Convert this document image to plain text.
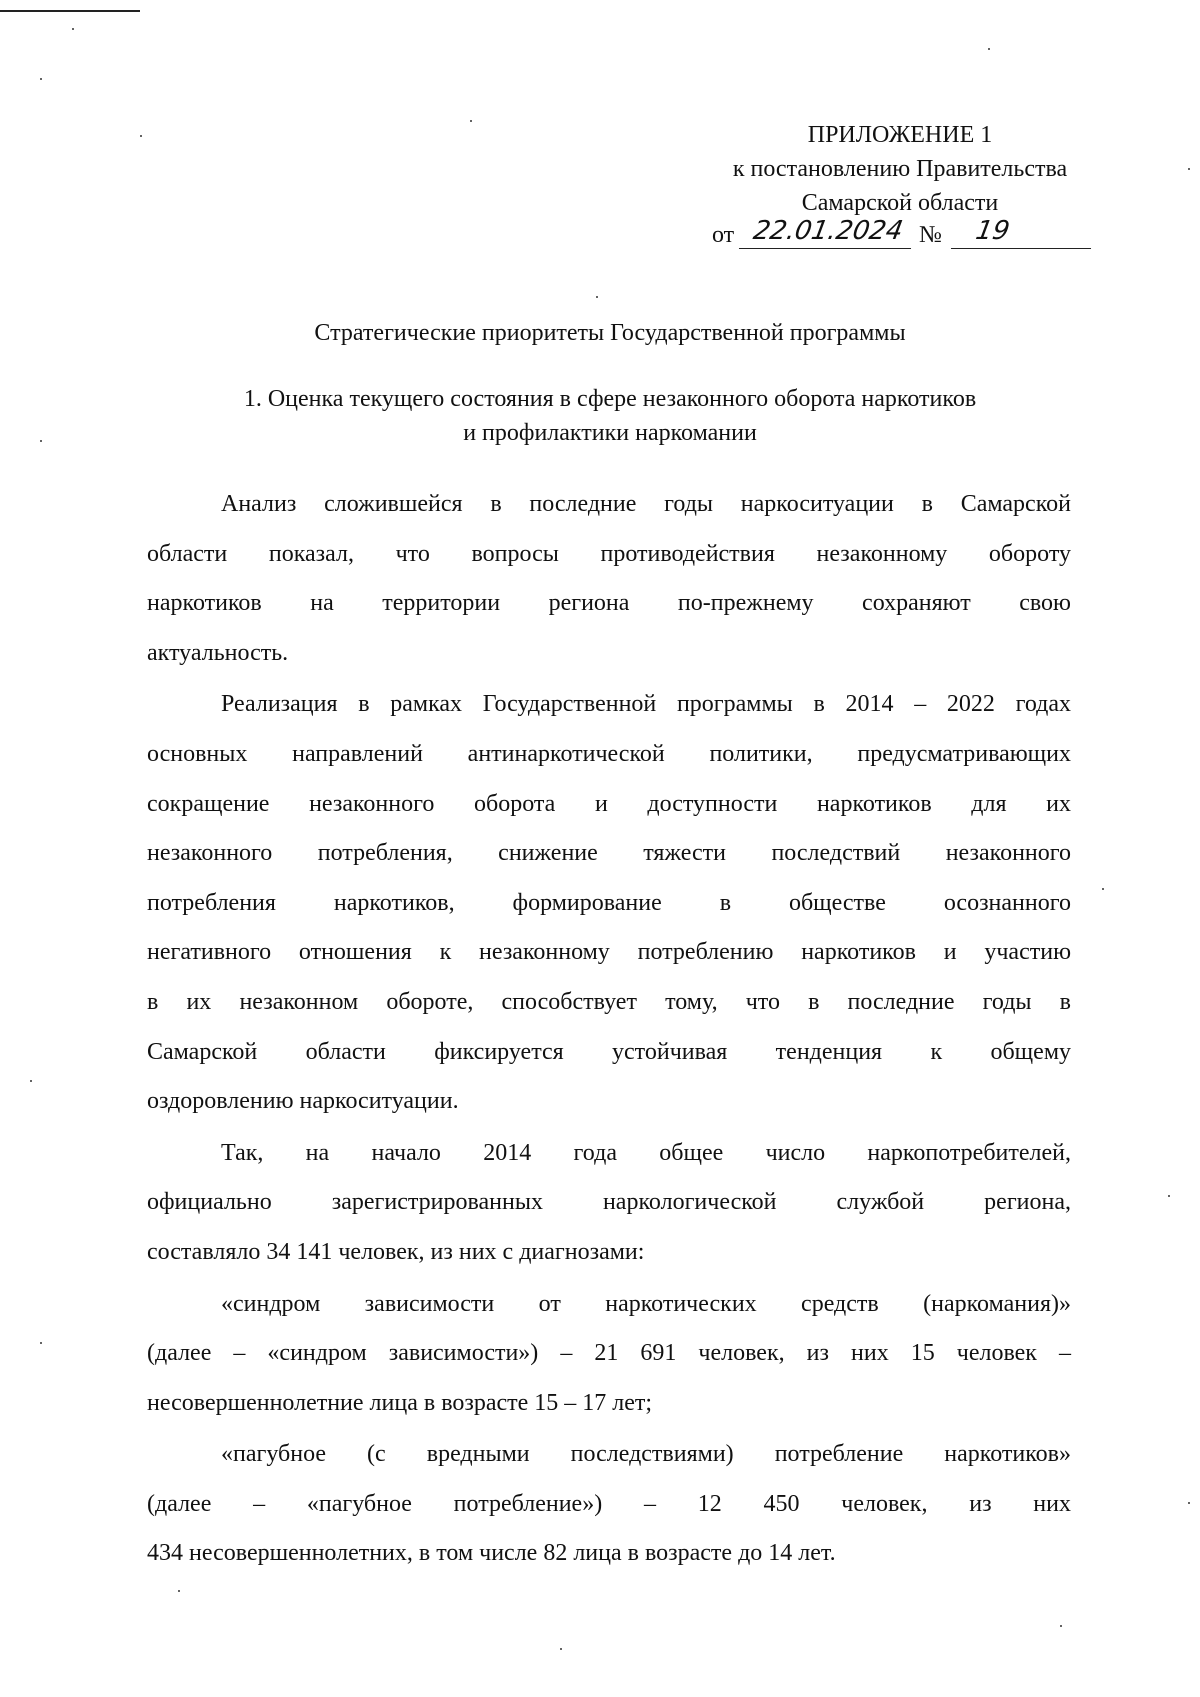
ПРИЛОЖЕНИЕ 1
к постановлению Правительства
Самарской области
от 22.01.2024 №	19
Стратегические приоритеты Государственной программы
1. Оценка текущего состояния в сфере незаконного оборота наркотиков
и профилактики наркомании
Анализ сложившейся в последние годы наркоситуации в Самарской
области показал, что вопросы противодействия незаконному обороту
наркотиков на территории региона по-прежнему сохраняют свою
актуальность.
Реализация в рамках Государственной программы в 2014 – 2022 годах
основных направлений антинаркотической политики, предусматривающих
сокращение незаконного оборота и доступности наркотиков для их
незаконного потребления, снижение тяжести последствий незаконного
потребления наркотиков, формирование в обществе осознанного
негативного отношения к незаконному потреблению наркотиков и участию
в их незаконном обороте, способствует тому, что в последние годы в
Самарской области фиксируется устойчивая тенденция к общему
оздоровлению наркоситуации.
Так, на начало 2014 года общее число наркопотребителей,
официально зарегистрированных наркологической службой региона,
составляло 34 141 человек, из них с диагнозами:
«синдром зависимости от наркотических средств (наркомания)»
(далее – «синдром зависимости») – 21 691 человек, из них 15 человек –
несовершеннолетние лица в возрасте 15 – 17 лет;
«пагубное (с вредными последствиями) потребление наркотиков»
(далее – «пагубное потребление») – 12 450 человек, из них
434 несовершеннолетних, в том числе 82 лица в возрасте до 14 лет.
